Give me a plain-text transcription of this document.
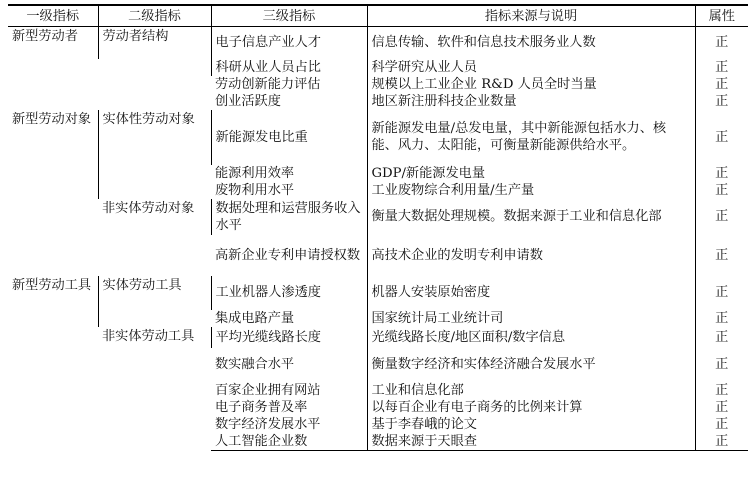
一级指标	二级指标	三级指标	指标来源与说明	属性
新型劳动者	劳动者结构	电子信息产业人才	信息传输、软件和信息技术服务业人数	正
		科研从业人员占比	科学研究从业人员	正
		劳动创新能力评估	规模以上工业企业 R&D 人员全时当量	正
		创业活跃度	地区新注册科技企业数量	正
新型劳动对象	实体性劳动对象	新能源发电比重	新能源发电量/总发电量，其中新能源包括水力、核能、风力、太阳能，可衡量新能源供给水平。	正
		能源利用效率	GDP/新能源发电量	正
		废物利用水平	工业废物综合利用量/生产量	正
	非实体劳动对象	数据处理和运营服务收入水平	衡量大数据处理规模。数据来源于工业和信息化部	正
		高新企业专利申请授权数	高技术企业的发明专利申请数	正
新型劳动工具	实体劳动工具	工业机器人渗透度	机器人安装原始密度	正
		集成电路产量	国家统计局工业统计司	正
	非实体劳动工具	平均光缆线路长度	光缆线路长度/地区面积/数字信息	正
		数实融合水平	衡量数字经济和实体经济融合发展水平	正
		百家企业拥有网站	工业和信息化部	正
		电子商务普及率	以每百企业有电子商务的比例来计算	正
		数字经济发展水平	基于李春峨的论文	正
		人工智能企业数	数据来源于天眼查	正
